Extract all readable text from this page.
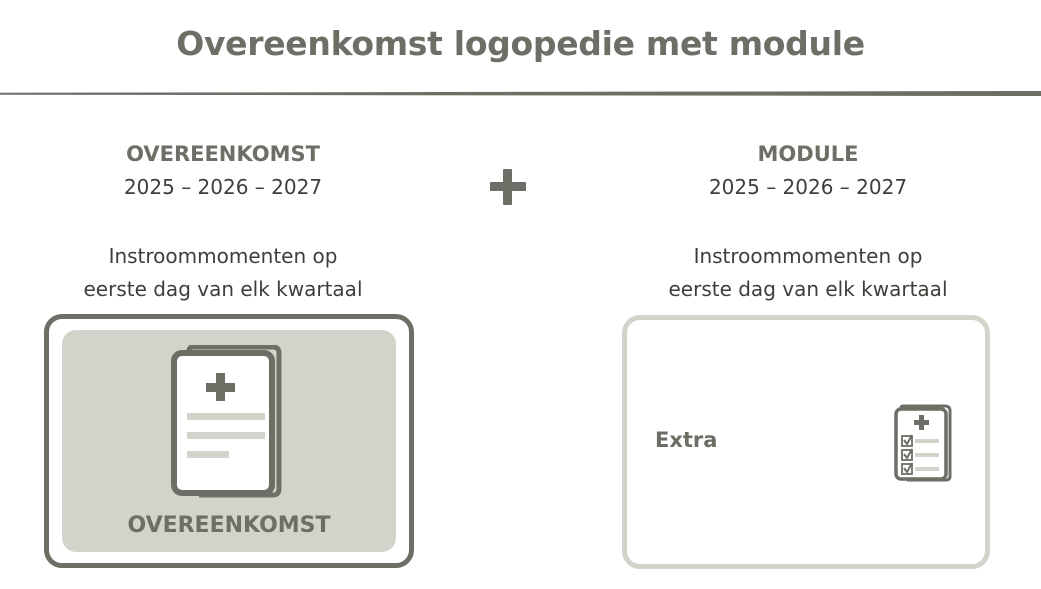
Overeenkomst logopedie met module
OVEREENKOMST
2025 – 2026 – 2027
Instroommomenten op
eerste dag van elk kwartaal
MODULE
2025 – 2026 – 2027
Instroommomenten op
eerste dag van elk kwartaal
OVEREENKOMST
Extra
